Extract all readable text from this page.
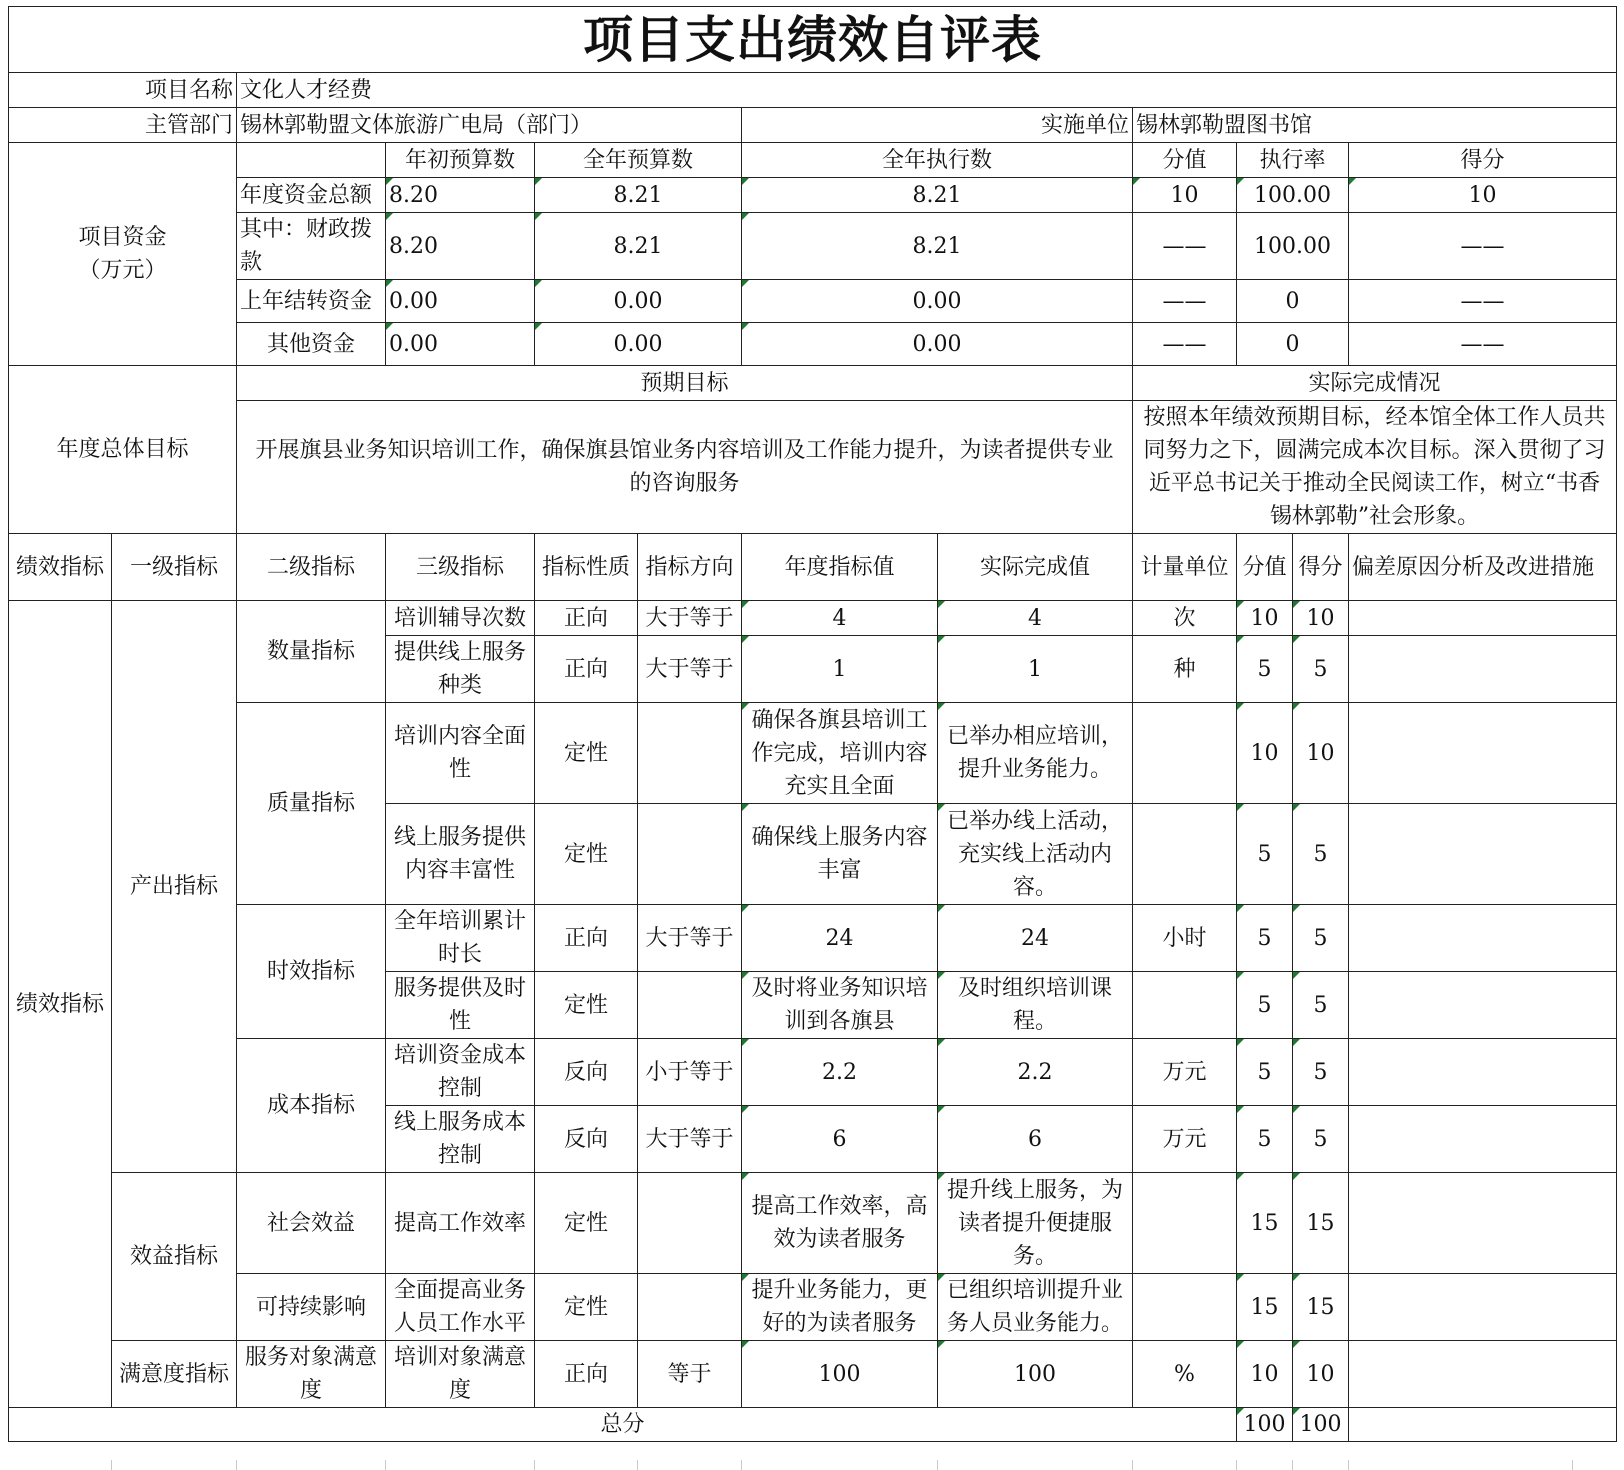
项目支出绩效自评表											
项目名称		文化人才经费									
主管部门		锡林郭勒盟文体旅游广电局（部门）				实施单位		锡林郭勒盟图书馆			

项目资金
（万元）			年初预算数	全年预算数		全年执行数		分值	执行率		得分
		年度资金总额	8.20	8.21		8.21		10	100.00		10
		其中：财政拨款	8.20	8.21		8.21		——	100.00		——
		上年结转资金	0.00	0.00		0.00		——	0		——
		其他资金	0.00	0.00		0.00		——	0		——
年度总体目标		预期目标						实际完成情况			
		开展旗县业务知识培训工作，确保旗县馆业务内容培训及工作能力提升，为读者提供专业的咨询服务						按照本年绩效预期目标，经本馆全体工作人员共同努力之下，圆满完成本次目标。深入贯彻了习近平总书记关于推动全民阅读工作，树立“书香锡林郭勒”社会形象。			
绩效指标	一级指标	二级指标	三级指标	指标性质	指标方向	年度指标值	实际完成值	计量单位	分值	得分	偏差原因分析及改进措施
绩效指标	产出指标	数量指标	培训辅导次数	正向	大于等于	4	4	次	10	10	
			提供线上服务种类	正向	大于等于	1	1	种	5	5	
		质量指标	培训内容全面性	定性		确保各旗县培训工作完成，培训内容充实且全面	已举办相应培训，提升业务能力。		10	10	
			线上服务提供内容丰富性	定性		确保线上服务内容丰富	已举办线上活动，充实线上活动内容。		5	5	
		时效指标	全年培训累计时长	正向	大于等于	24	24	小时	5	5	
			服务提供及时性	定性		及时将业务知识培训到各旗县	及时组织培训课程。		5	5	
		成本指标	培训资金成本控制	反向	小于等于	2.2	2.2	万元	5	5	
			线上服务成本控制	反向	大于等于	6	6	万元	5	5	
	效益指标	社会效益	提高工作效率	定性		提高工作效率，高效为读者服务	提升线上服务，为读者提升便捷服务。		15	15	
		可持续影响	全面提高业务人员工作水平	定性		提升业务能力，更好的为读者服务	已组织培训提升业务人员业务能力。		15	15	
	满意度指标	服务对象满意度	培训对象满意度	正向	等于	100	100	%	10	10	
总分									100	100	
